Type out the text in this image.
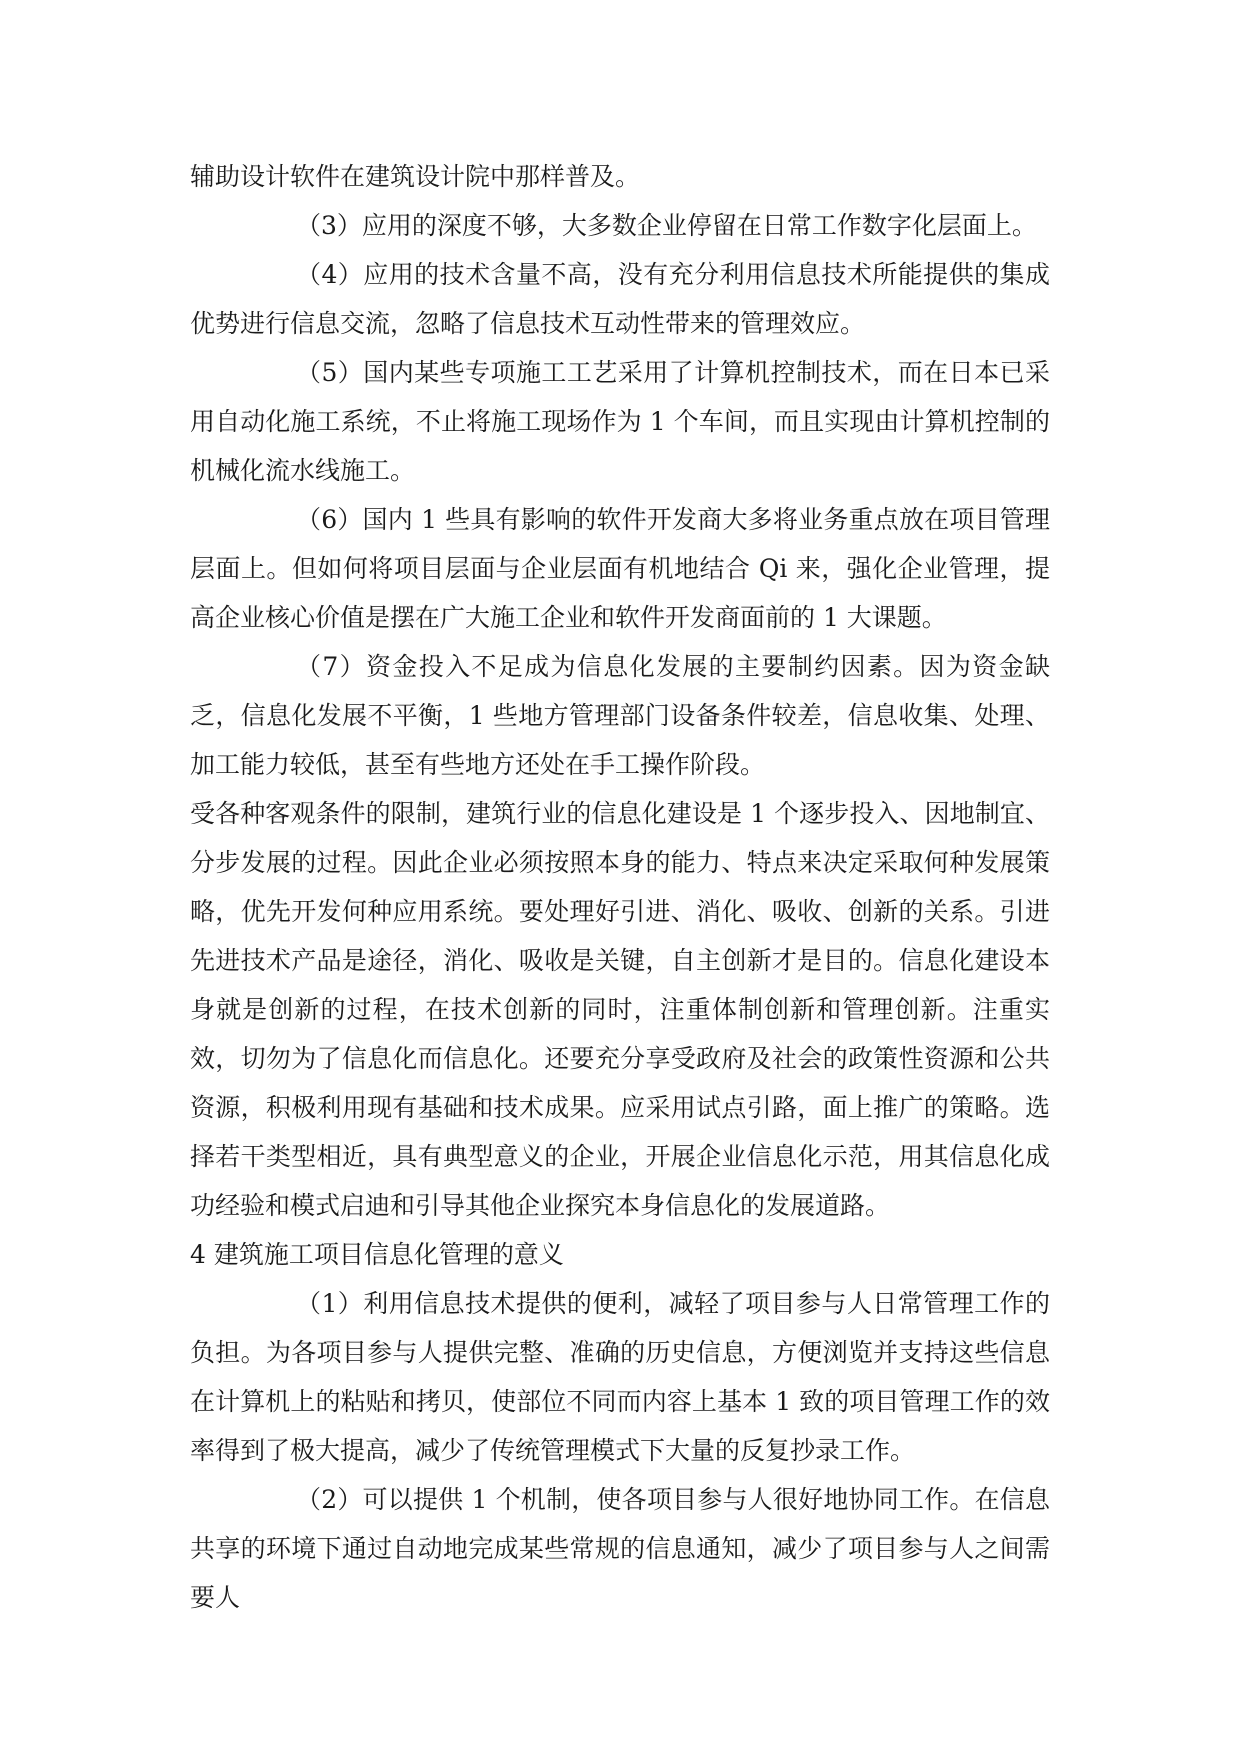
辅助设计软件在建筑设计院中那样普及。

（3）应用的深度不够，大多数企业停留在日常工作数字化层面上。

（4）应用的技术含量不高，没有充分利用信息技术所能提供的集成优势进行信息交流，忽略了信息技术互动性带来的管理效应。

（5）国内某些专项施工工艺采用了计算机控制技术，而在日本已采用自动化施工系统，不止将施工现场作为 1 个车间，而且实现由计算机控制的机械化流水线施工。

（6）国内 1 些具有影响的软件开发商大多将业务重点放在项目管理层面上。但如何将项目层面与企业层面有机地结合 Qi 来，强化企业管理，提高企业核心价值是摆在广大施工企业和软件开发商面前的 1 大课题。

（7）资金投入不足成为信息化发展的主要制约因素。因为资金缺乏，信息化发展不平衡，1 些地方管理部门设备条件较差，信息收集、处理、加工能力较低，甚至有些地方还处在手工操作阶段。

受各种客观条件的限制，建筑行业的信息化建设是 1 个逐步投入、因地制宜、分步发展的过程。因此企业必须按照本身的能力、特点来决定采取何种发展策略，优先开发何种应用系统。要处理好引进、消化、吸收、创新的关系。引进先进技术产品是途径，消化、吸收是关键，自主创新才是目的。信息化建设本身就是创新的过程，在技术创新的同时，注重体制创新和管理创新。注重实效，切勿为了信息化而信息化。还要充分享受政府及社会的政策性资源和公共资源，积极利用现有基础和技术成果。应采用试点引路，面上推广的策略。选择若干类型相近，具有典型意义的企业，开展企业信息化示范，用其信息化成功经验和模式启迪和引导其他企业探究本身信息化的发展道路。

4 建筑施工项目信息化管理的意义

（1）利用信息技术提供的便利，减轻了项目参与人日常管理工作的负担。为各项目参与人提供完整、准确的历史信息，方便浏览并支持这些信息在计算机上的粘贴和拷贝，使部位不同而内容上基本 1 致的项目管理工作的效率得到了极大提高，减少了传统管理模式下大量的反复抄录工作。

（2）可以提供 1 个机制，使各项目参与人很好地协同工作。在信息共享的环境下通过自动地完成某些常规的信息通知，减少了项目参与人之间需要人
